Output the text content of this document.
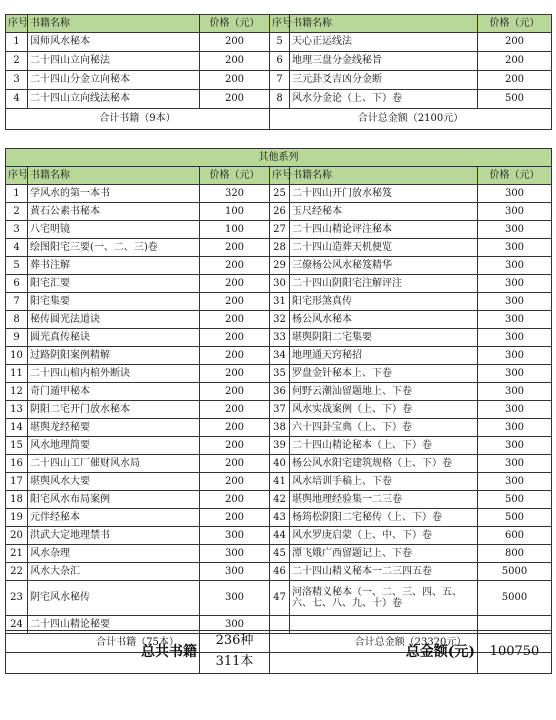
序号	书籍名称	价格（元）	序号	书籍名称	价格（元）
1	国师风水秘本	200	5	天心正运线法	200
2	二十四山立向秘法	200	6	地理三盘分金线秘旨	200
3	二十四山分金立向秘本	200	7	三元卦爻吉凶分金断	200
4	二十四山立向线法秘本	200	8	风水分金论（上、下）卷	500
合计书籍（9本）			合计总金额（2100元）		
其他系列					
序号	书籍名称	价格（元）	序号	书籍名称	价格（元）
1	学风水的第一本书	320	25	二十四山开门放水秘笈	300
2	黄石公素书秘本	100	26	玉尺经秘本	300
3	八宅明镜	100	27	二十四山精论评注秘本	300
4	绘图阳宅三要(一、二、三)卷	200	28	二十四山造葬天机便览	300
5	葬书注解	200	29	三僚杨公风水秘笈精华	300
6	阳宅汇要	200	30	二十四山阴阳宅注解评注	300
7	阳宅集要	200	31	阳宅形煞真传	300
8	秘传圆光法道诀	200	32	杨公风水秘本	300
9	圆光真传秘诀	200	33	堪舆阴阳二宅集要	300
10	过路阴阳案例精解	200	34	地理通天窍秘招	300
11	二十四山棺内棺外断诀	200	35	罗盘金针秘本上、下卷	300
12	奇门遁甲秘本	200	36	何野云潮汕留题地上、下卷	300
13	阴阳二宅开门放水秘本	200	37	风水实战案例（上、下）卷	300
14	堪舆龙经秘要	200	38	六十四卦宝典（上、下）卷	300
15	风水地理简要	200	39	二十四山精论秘本（上、下）卷	300
16	二十四山工厂催财风水局	200	40	杨公风水阳宅建筑规格（上、下）卷	300
17	堪舆风水大要	200	41	风水培训手稿上、下卷	300
18	阳宅风水布局案例	200	42	堪舆地理经验集一二三卷	500
19	元伴经秘本	200	43	杨筠松阴阳二宅秘传（上、下）卷	500
20	洪武大定地理禁书	300	44	风水罗庚启蒙（上、中、下）卷	600
21	风水杂理	300	45	潭飞娥广西留题记上、下卷	800
22	风水大杂汇	300	46	二十四山精义秘本一二三四五卷	5000
23	阴宅风水秘传	300	47	河洛精义秘本（一、二、三、四、五、六、七、八、九、十）卷	5000
24	二十四山精论秘要	300			
合计书籍（75本）			合计总金额（23320元）		
总共书籍	236种	总金额(元)	100750
311本
